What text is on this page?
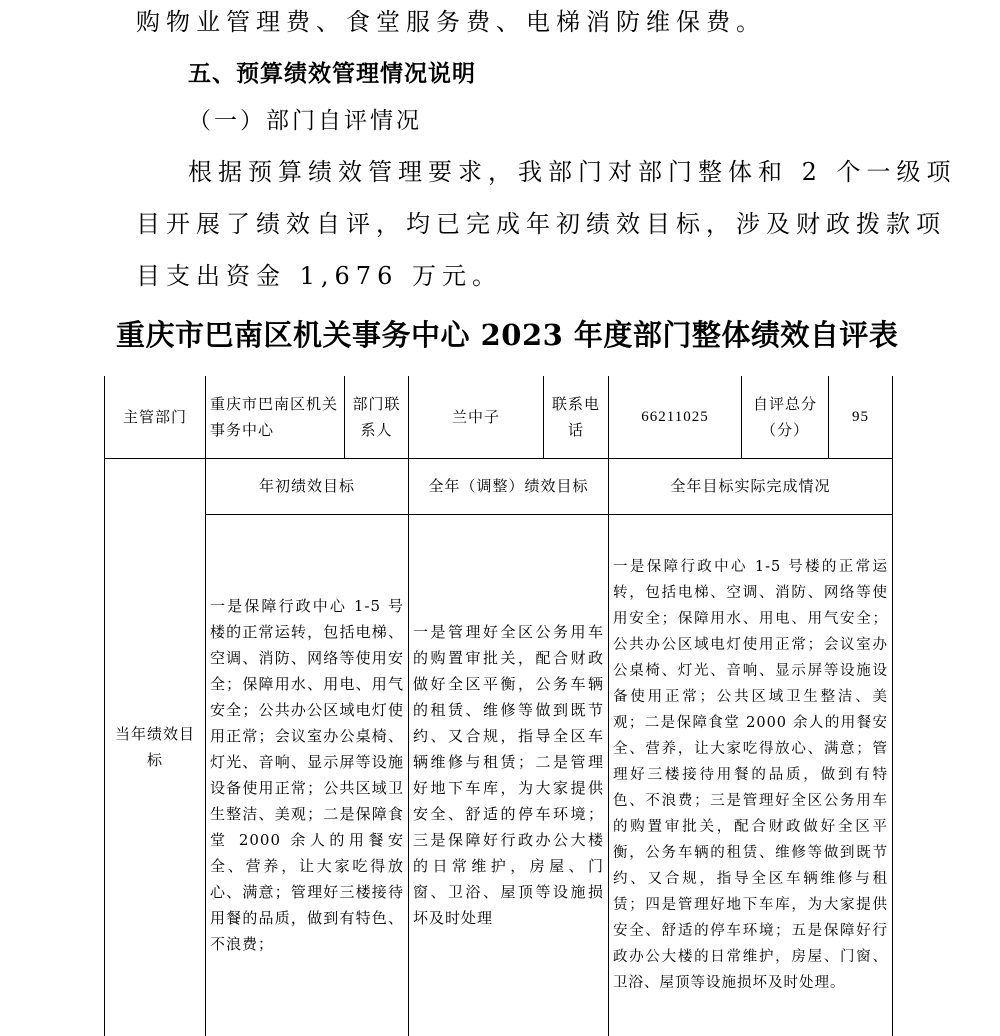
购物业管理费、食堂服务费、电梯消防维保费。
五、预算绩效管理情况说明
（一）部门自评情况
根据预算绩效管理要求，我部门对部门整体和 2 个一级项
目开展了绩效自评，均已完成年初绩效目标，涉及财政拨款项
目支出资金 1,676 万元。
重庆市巴南区机关事务中心 2023 年度部门整体绩效自评表
主管部门	重庆市巴南区机关事务中心	部门联系人	兰中子	联系电话	66211025	自评总分（分）	95
当年绩效目标	年初绩效目标		全年（调整）绩效目标		全年目标实际完成情况		
	一是保障行政中心 1-5 号楼的正常运转，包括电梯、空调、消防、网络等使用安全；保障用水、用电、用气安全；公共办公区域电灯使用正常；会议室办公桌椅、灯光、音响、显示屏等设施设备使用正常；公共区域卫生整洁、美观；二是保障食堂 2000 余人的用餐安全、营养，让大家吃得放心、满意；管理好三楼接待用餐的品质，做到有特色、不浪费；		一是管理好全区公务用车的购置审批关，配合财政做好全区平衡，公务车辆的租赁、维修等做到既节约、又合规，指导全区车辆维修与租赁；二是管理好地下车库，为大家提供安全、舒适的停车环境；三是保障好行政办公大楼的日常维护，房屋、门窗、卫浴、屋顶等设施损坏及时处理		一是保障行政中心 1-5 号楼的正常运转，包括电梯、空调、消防、网络等使用安全；保障用水、用电、用气安全；公共办公区域电灯使用正常；会议室办公桌椅、灯光、音响、显示屏等设施设备使用正常；公共区域卫生整洁、美观；二是保障食堂 2000 余人的用餐安全、营养，让大家吃得放心、满意；管理好三楼接待用餐的品质，做到有特色、不浪费；三是管理好全区公务用车的购置审批关，配合财政做好全区平衡，公务车辆的租赁、维修等做到既节约、又合规，指导全区车辆维修与租赁；四是管理好地下车库，为大家提供安全、舒适的停车环境；五是保障好行政办公大楼的日常维护，房屋、门窗、卫浴、屋顶等设施损坏及时处理。		
